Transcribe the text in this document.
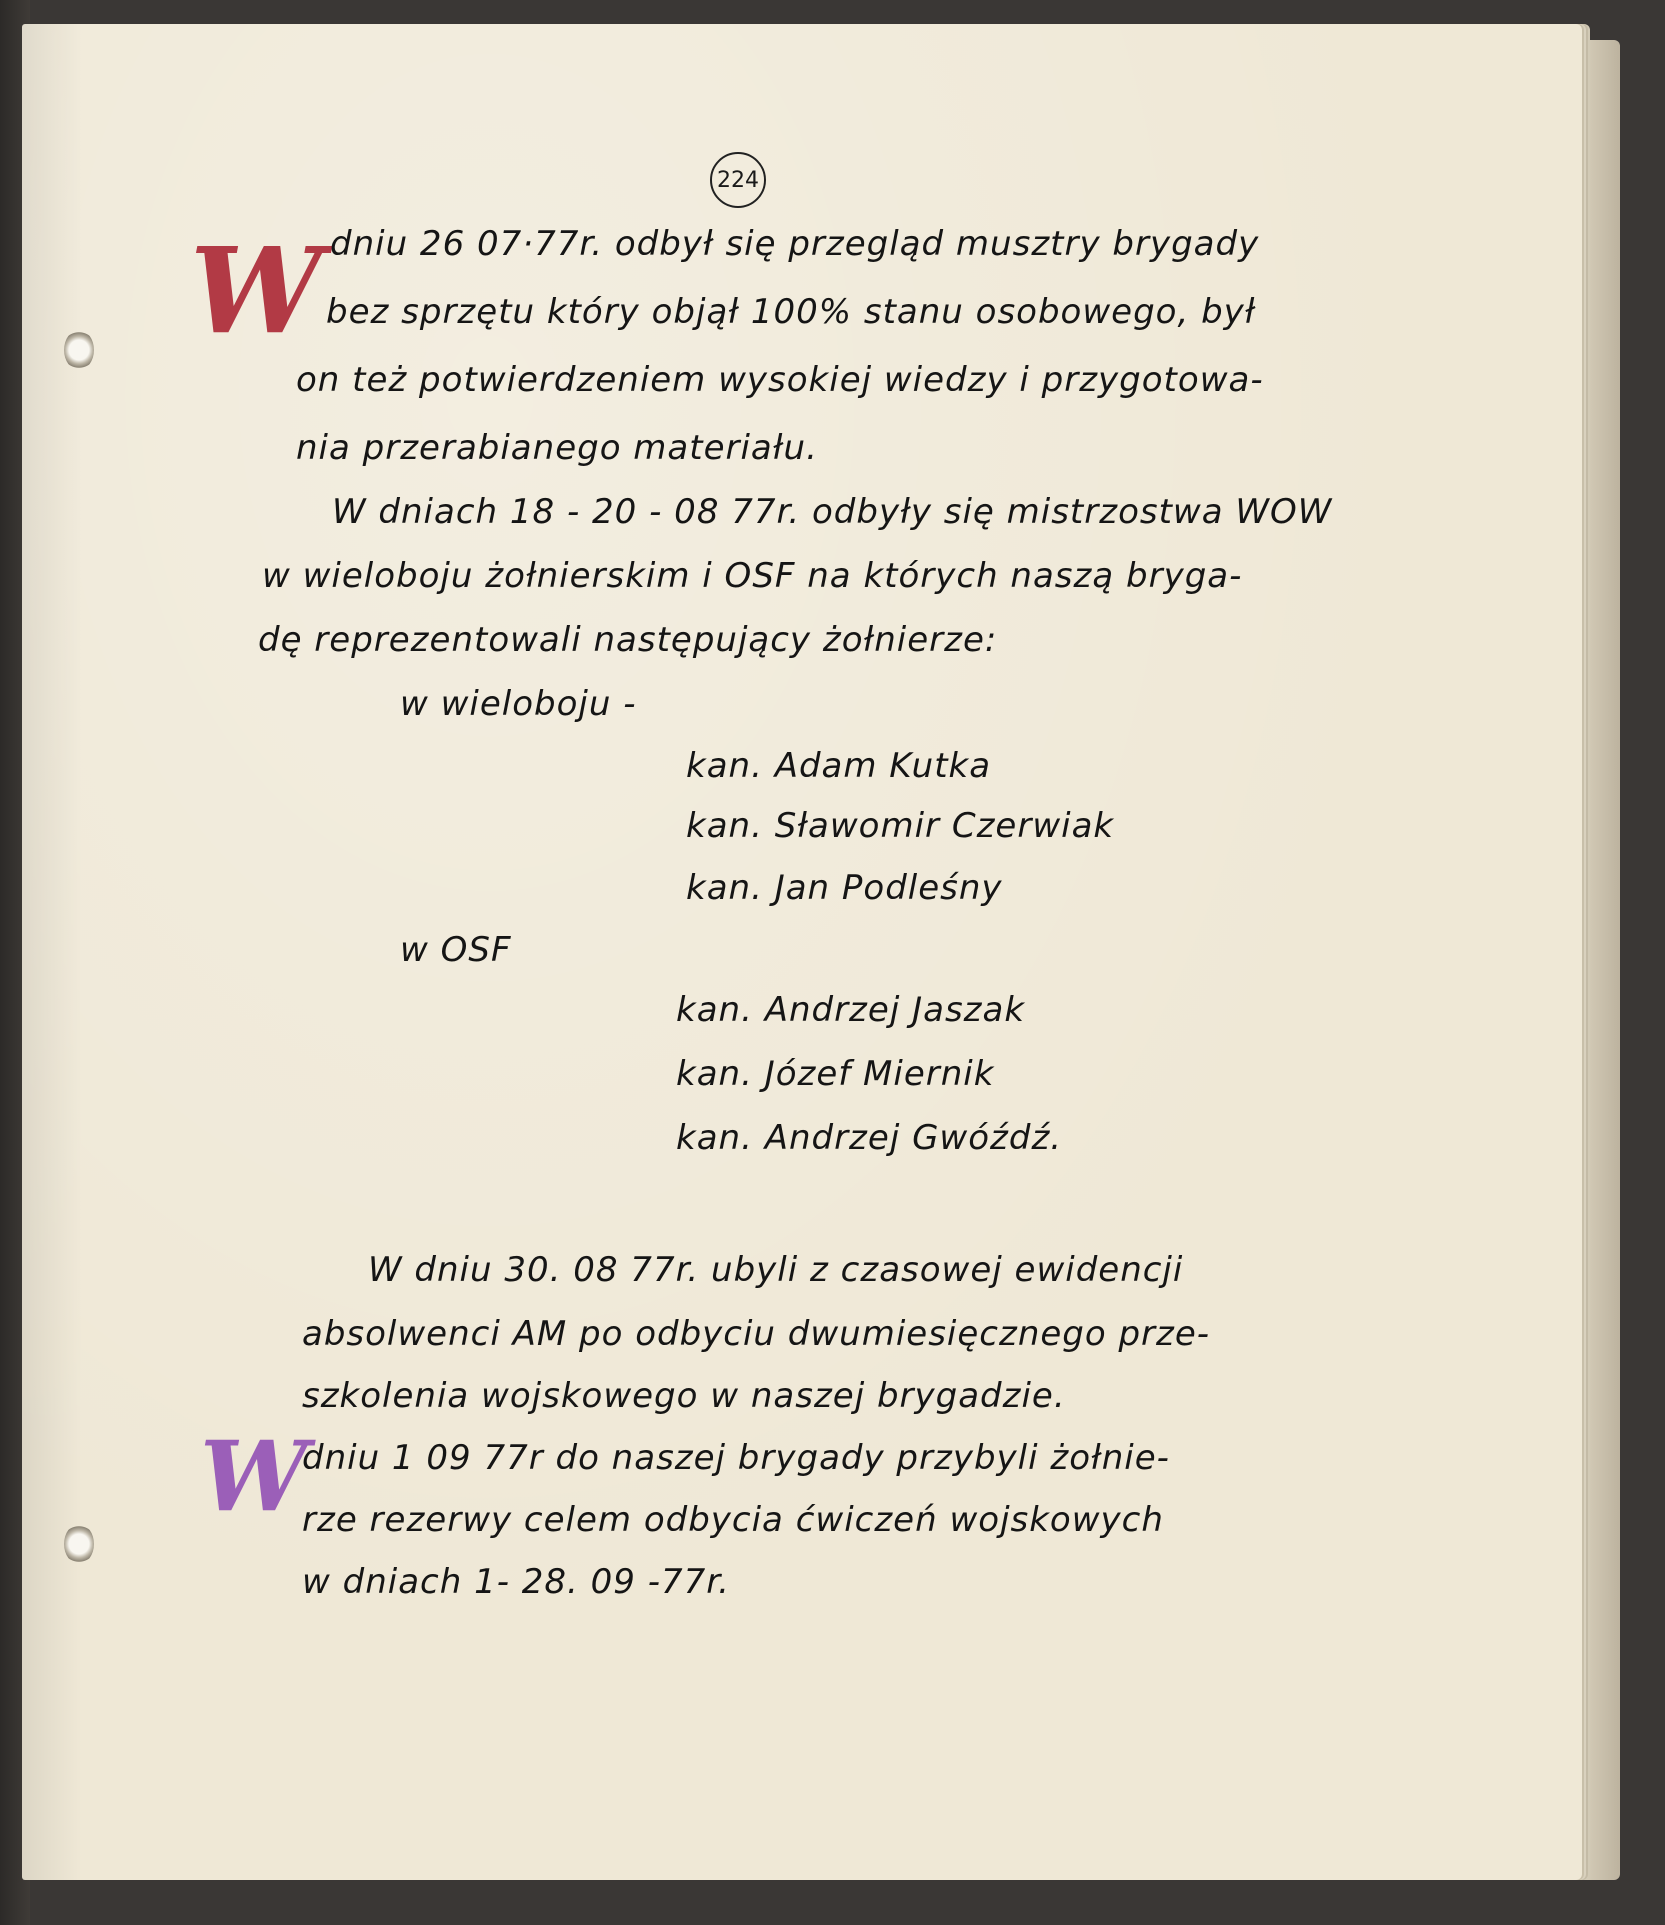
224
W
W
dniu 26 07·77r. odbył się przegląd musztry brygady
bez sprzętu który objął 100% stanu osobowego, był
on też potwierdzeniem wysokiej wiedzy i przygotowa-
nia przerabianego materiału.
W dniach 18 - 20 - 08 77r. odbyły się mistrzostwa WOW
w wieloboju żołnierskim i OSF na których naszą bryga-
dę reprezentowali następujący żołnierze:
w wieloboju -
kan. Adam Kutka
kan. Sławomir Czerwiak
kan. Jan Podleśny
w OSF
kan. Andrzej Jaszak
kan. Józef Miernik
kan. Andrzej Gwóźdź.
W dniu 30. 08 77r. ubyli z czasowej ewidencji
absolwenci AM po odbyciu dwumiesięcznego prze-
szkolenia wojskowego w naszej brygadzie.
dniu 1 09 77r do naszej brygady przybyli żołnie-
rze rezerwy celem odbycia ćwiczeń wojskowych
w dniach 1- 28. 09 -77r.
